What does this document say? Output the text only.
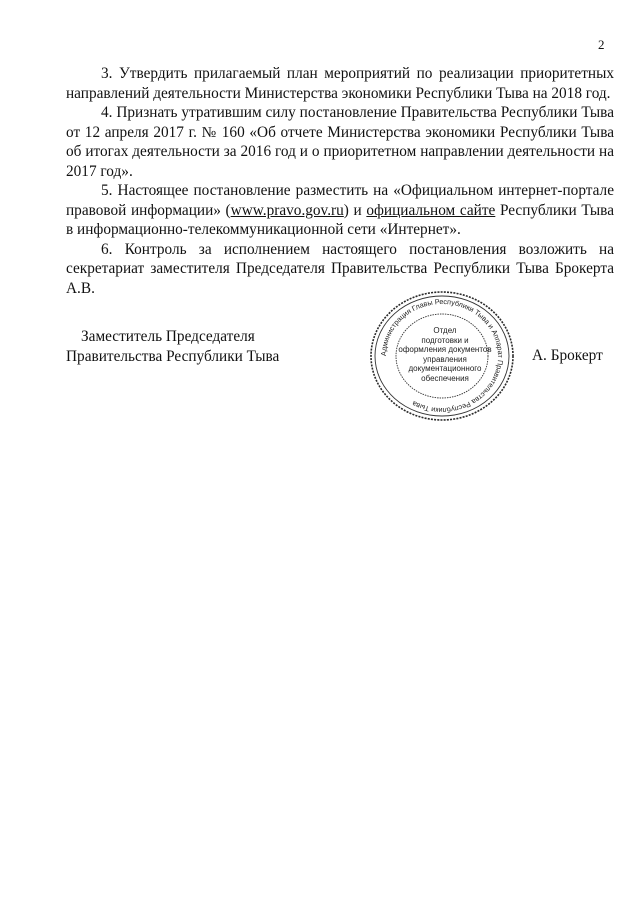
2

3. Утвердить прилагаемый план мероприятий по реализации приоритетных направлений деятельности Министерства экономики Республики Тыва на 2018 год.

4. Признать утратившим силу постановление Правительства Республики Тыва от 12 апреля 2017 г. № 160 «Об отчете Министерства экономики Республики Тыва об итогах деятельности за 2016 год и о приоритетном направлении деятельности на 2017 год».

5. Настоящее постановление разместить на «Официальном интернет-портале правовой информации» (www.pravo.gov.ru) и официальном сайте Республики Тыва в информационно-телекоммуникационной сети «Интернет».

6. Контроль за исполнением настоящего постановления возложить на секретариат заместителя Председателя Правительства Республики Тыва Брокерта А.В.

Заместитель Председателя
Правительства Республики Тыва	А. Брокерт
Администрация Главы Республики Тыва и Аппарат Правительства Республики Тыва
Отдел
подготовки и
оформления документов
управления
документационного
обеспечения
